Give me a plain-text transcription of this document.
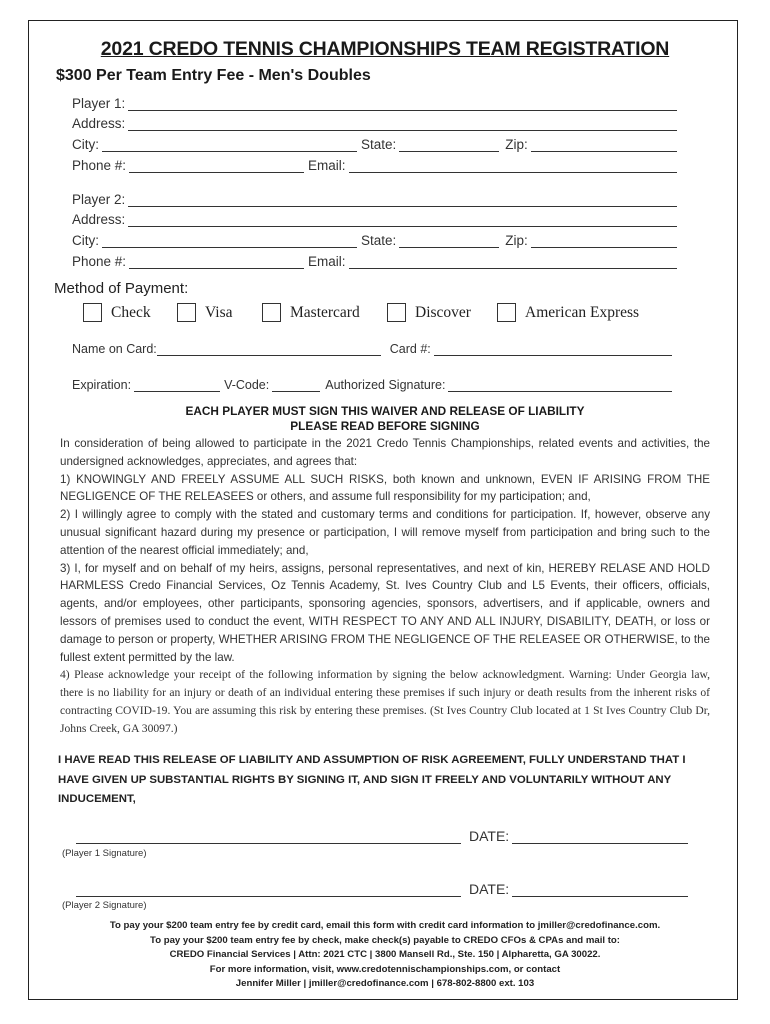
2021 CREDO TENNIS CHAMPIONSHIPS TEAM REGISTRATION
$300 Per Team Entry Fee - Men's Doubles
Player 1:
Address:
City:	State:	Zip:
Phone #:	Email:
Player 2:
Address:
City:	State:	Zip:
Phone #:	Email:
Method of Payment:
Check	Visa	Mastercard	Discover	American Express
Name on Card:	Card #:
Expiration:	V-Code:	Authorized Signature:
EACH PLAYER MUST SIGN THIS WAIVER AND RELEASE OF LIABILITY
PLEASE READ BEFORE SIGNING

In consideration of being allowed to participate in the 2021 Credo Tennis Championships, related events and activities, the undersigned acknowledges, appreciates, and agrees that:

1) KNOWINGLY AND FREELY ASSUME ALL SUCH RISKS, both known and unknown, EVEN IF ARISING FROM THE NEGLIGENCE OF THE RELEASEES or others, and assume full responsibility for my participation; and,

2) I willingly agree to comply with the stated and customary terms and conditions for participation. If, however, observe any unusual significant hazard during my presence or participation, I will remove myself from participation and bring such to the attention of the nearest official immediately; and,

3) I, for myself and on behalf of my heirs, assigns, personal representatives, and next of kin, HEREBY RELASE AND HOLD HARMLESS Credo Financial Services, Oz Tennis Academy, St. Ives Country Club and L5 Events, their officers, officials, agents, and/or employees, other participants, sponsoring agencies, sponsors, advertisers, and if applicable, owners and lessors of premises used to conduct the event, WITH RESPECT TO ANY AND ALL INJURY, DISABILITY, DEATH, or loss or damage to person or property, WHETHER ARISING FROM THE NEGLIGENCE OF THE RELEASEE OR OTHERWISE, to the fullest extent permitted by the law.

4) Please acknowledge your receipt of the following information by signing the below acknowledgment. Warning: Under Georgia law, there is no liability for an injury or death of an individual entering these premises if such injury or death results from the inherent risks of contracting COVID-19. You are assuming this risk by entering these premises. (St Ives Country Club located at 1 St Ives Country Club Dr, Johns Creek, GA 30097.)

I HAVE READ THIS RELEASE OF LIABILITY AND ASSUMPTION OF RISK AGREEMENT, FULLY UNDERSTAND THAT I HAVE GIVEN UP SUBSTANTIAL RIGHTS BY SIGNING IT, AND SIGN IT FREELY AND VOLUNTARILY WITHOUT ANY INDUCEMENT,
DATE:
(Player 1 Signature)
DATE:
(Player 2 Signature)
To pay your $200 team entry fee by credit card, email this form with credit card information to jmiller@credofinance.com.
To pay your $200 team entry fee by check, make check(s) payable to CREDO CFOs & CPAs and mail to:
CREDO Financial Services | Attn: 2021 CTC | 3800 Mansell Rd., Ste. 150 | Alpharetta, GA 30022.
For more information, visit, www.credotennischampionships.com, or contact
Jennifer Miller | jmiller@credofinance.com | 678-802-8800 ext. 103
